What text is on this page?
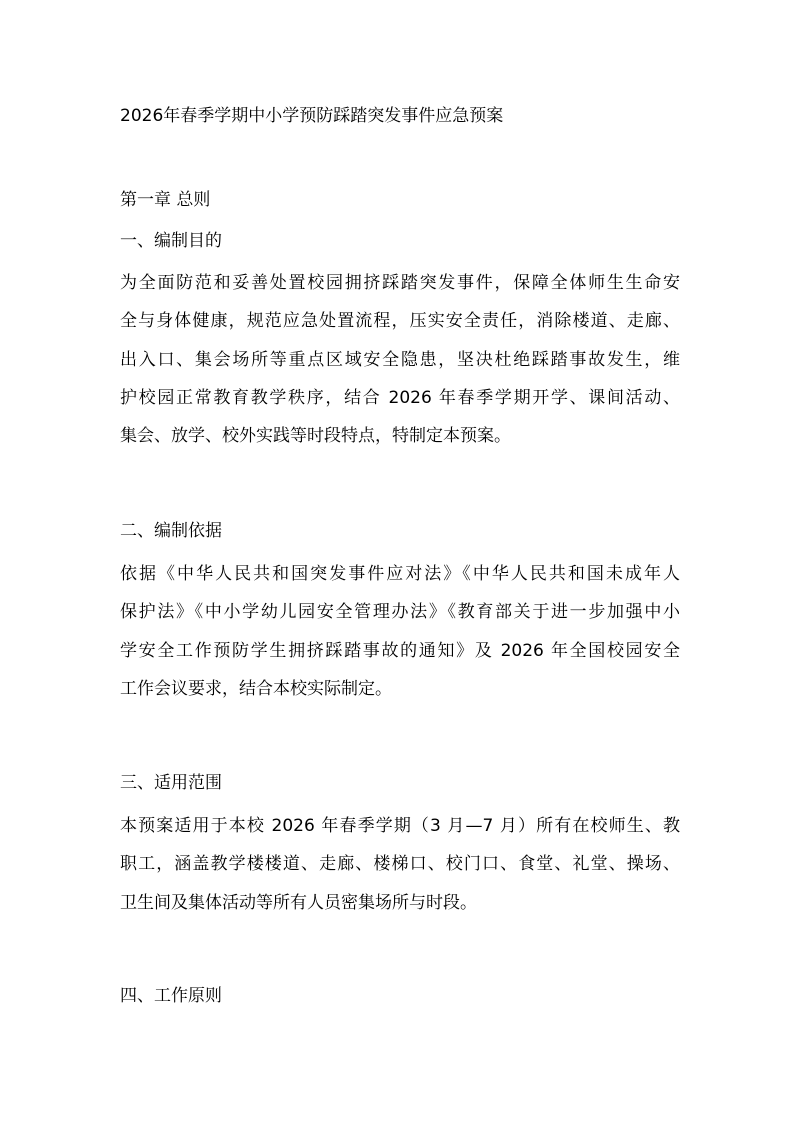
2026年春季学期中小学预防踩踏突发事件应急预案
第一章 总则
一、编制目的
为全面防范和妥善处置校园拥挤踩踏突发事件，保障全体师生生命安
全与身体健康，规范应急处置流程，压实安全责任，消除楼道、走廊、
出入口、集会场所等重点区域安全隐患，坚决杜绝踩踏事故发生，维
护校园正常教育教学秩序，结合 2026 年春季学期开学、课间活动、
集会、放学、校外实践等时段特点，特制定本预案。
二、编制依据
依据《中华人民共和国突发事件应对法》《中华人民共和国未成年人
保护法》《中小学幼儿园安全管理办法》《教育部关于进一步加强中小
学安全工作预防学生拥挤踩踏事故的通知》及 2026 年全国校园安全
工作会议要求，结合本校实际制定。
三、适用范围
本预案适用于本校 2026 年春季学期（3 月—7 月）所有在校师生、教
职工，涵盖教学楼楼道、走廊、楼梯口、校门口、食堂、礼堂、操场、
卫生间及集体活动等所有人员密集场所与时段。
四、工作原则
